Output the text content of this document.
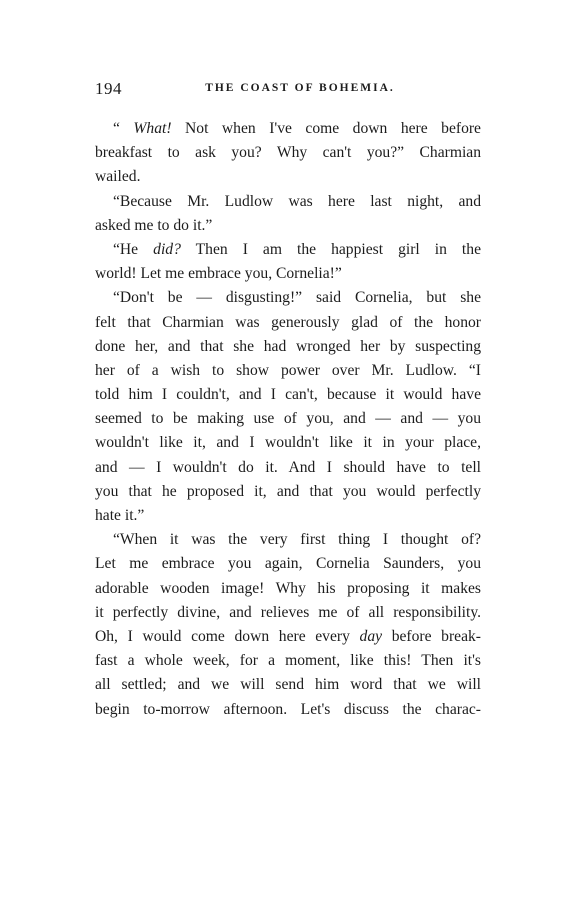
194	THE COAST OF BOHEMIA.
“ What! Not when I've come down here before
breakfast to ask you? Why can't you?” Charmian
wailed.
“Because Mr. Ludlow was here last night, and
asked me to do it.”
“He did? Then I am the happiest girl in the
world! Let me embrace you, Cornelia!”
“Don't be — disgusting!” said Cornelia, but she
felt that Charmian was generously glad of the honor
done her, and that she had wronged her by suspecting
her of a wish to show power over Mr. Ludlow. “I
told him I couldn't, and I can't, because it would have
seemed to be making use of you, and — and — you
wouldn't like it, and I wouldn't like it in your place,
and — I wouldn't do it. And I should have to tell
you that he proposed it, and that you would perfectly
hate it.”
“When it was the very first thing I thought of?
Let me embrace you again, Cornelia Saunders, you
adorable wooden image! Why his proposing it makes
it perfectly divine, and relieves me of all responsibility.
Oh, I would come down here every day before break-
fast a whole week, for a moment, like this! Then it's
all settled; and we will send him word that we will
begin to-morrow afternoon. Let's discuss the charac-
